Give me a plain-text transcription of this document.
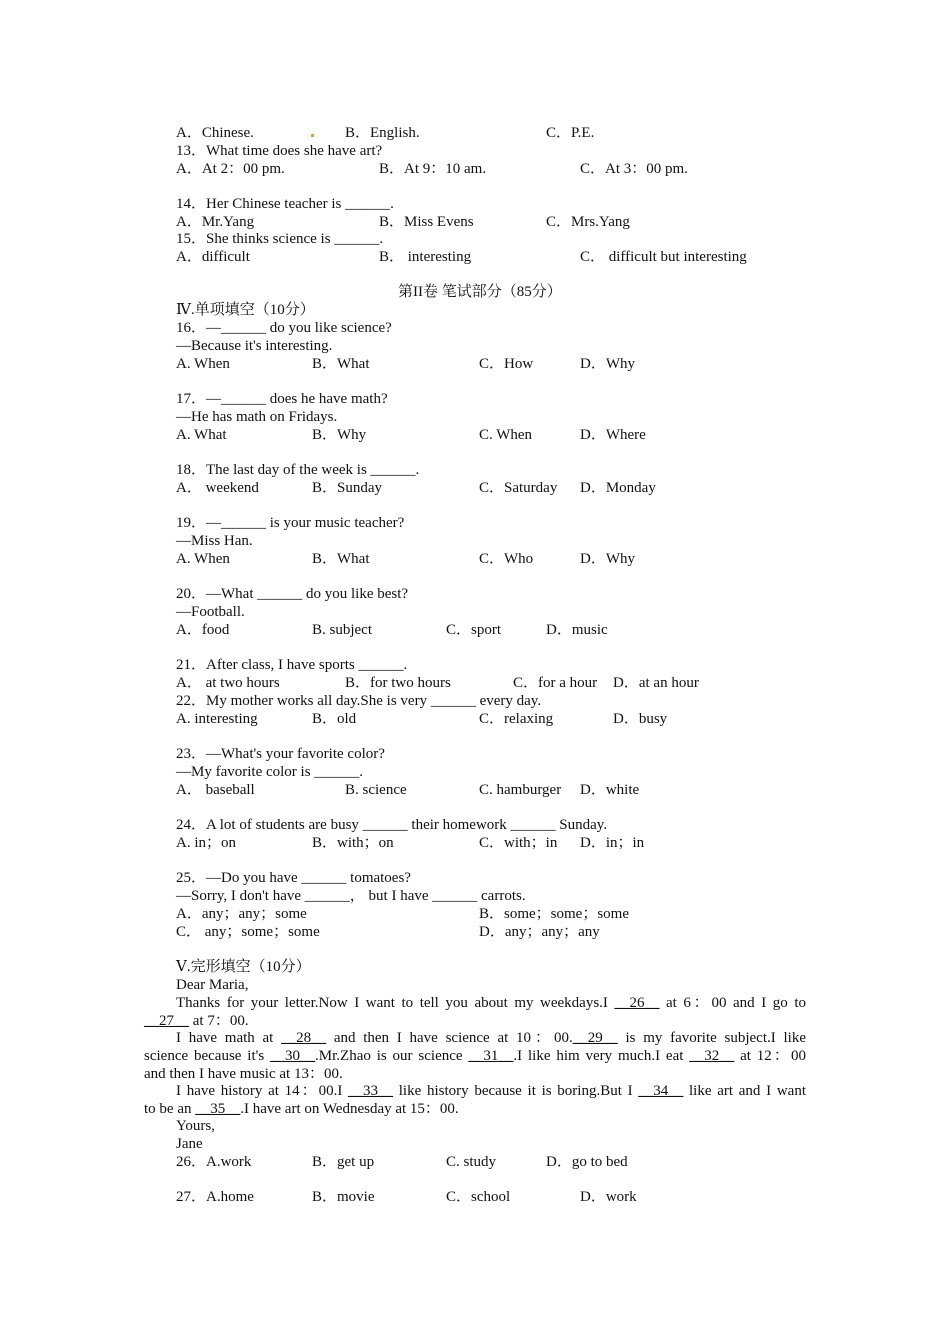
A．Chinese.	B．English.	C．P.E.
13．What time does she have art?
A．At 2：00 pm.	B．At 9：10 am.	C．At 3：00 pm.
14．Her Chinese teacher is ______.
A．Mr.Yang	B．Miss Evens	C．Mrs.Yang
15．She thinks science is ______.
A．difficult	B． interesting	C． difficult but interesting
第II卷 笔试部分（85分）
Ⅳ.单项填空（10分）
16．—______ do you like science?
—Because it's interesting.
A. When	B．What	C．How	D．Why
17．—______ does he have math?
—He has math on Fridays.
A. What	B．Why	C. When	D．Where
18．The last day of the week is ______.
A． weekend	B．Sunday	C．Saturday D．Monday
19．—______ is your music teacher?
—Miss Han.
A. When	B．What	C．Who	D．Why
20．—What ______ do you like best?
—Football.
A．food	B. subject	C．sport	D．music
21．After class, I have sports ______.
A． at two hours	B．for two hours	C．for a hour D．at an hour
22．My mother works all day.She is very ______ every day.
A. interesting	B．old	C．relaxing	D．busy
23．—What's your favorite color?
—My favorite color is ______.
A． baseball	B. science	C. hamburger D．white
24．A lot of students are busy ______ their homework ______ Sunday.
A. in；on	B．with；on	C．with；in D．in；in
25．—Do you have ______ tomatoes?
—Sorry, I don't have ______， but I have ______ carrots.
A．any；any；some	B．some；some；some
C． any；some；some	D．any；any；any
Ⅴ.完形填空（10分）
Dear Maria,
Thanks for your letter.Now I want to tell you about my weekdays.I __26__ at 6：00 and I go to
__27__ at 7：00.
I have math at __28__ and then I have science at 10：00.__29__ is my favorite subject.I like
science because it's __30__.Mr.Zhao is our science __31__.I like him very much.I eat __32__ at 12：00
and then I have music at 13：00.
I have history at 14：00.I __33__ like history because it is boring.But I __34__ like art and I want
to be an __35__.I have art on Wednesday at 15：00.
Yours,
Jane
26．A.work	B．get up	C. study	D．go to bed
27．A.home	B．movie	C．school	D．work
